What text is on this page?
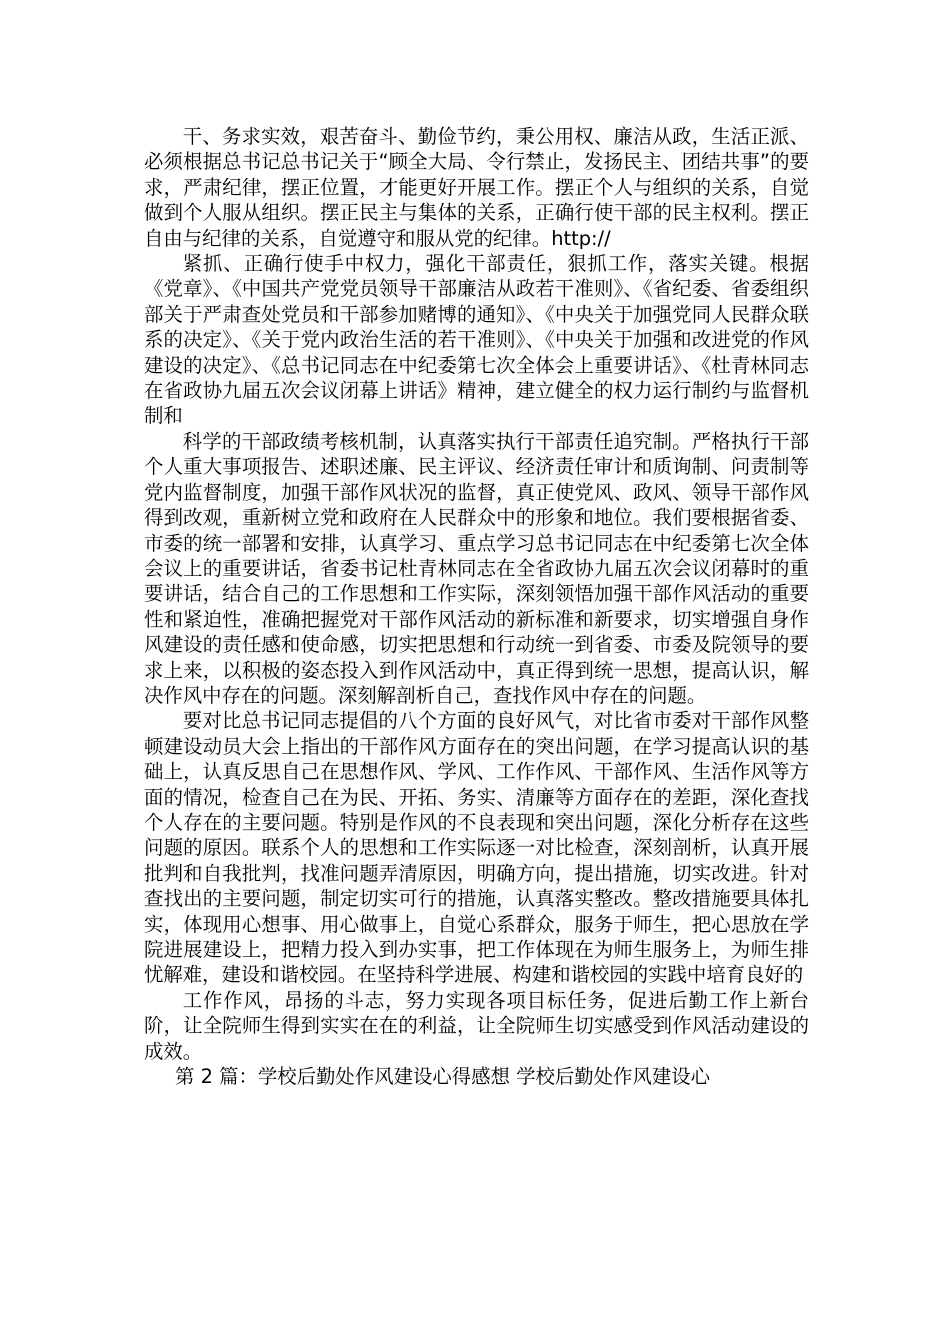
干、务求实效，艰苦奋斗、勤俭节约，秉公用权、廉洁从政，生活正派、必须根据总书记总书记关于“顾全大局、令行禁止，发扬民主、团结共事”的要求，严肃纪律，摆正位置，才能更好开展工作。摆正个人与组织的关系，自觉做到个人服从组织。摆正民主与集体的关系，正确行使干部的民主权利。摆正自由与纪律的关系，自觉遵守和服从党的纪律。http://

紧抓、正确行使手中权力，强化干部责任，狠抓工作，落实关键。根据《党章》、《中国共产党党员领导干部廉洁从政若干准则》、《省纪委、省委组织部关于严肃查处党员和干部参加赌博的通知》、《中央关于加强党同人民群众联系的决定》、《关于党内政治生活的若干准则》、《中央关于加强和改进党的作风建设的决定》、《总书记同志在中纪委第七次全体会上重要讲话》、《杜青林同志在省政协九届五次会议闭幕上讲话》精神，建立健全的权力运行制约与监督机制和

科学的干部政绩考核机制，认真落实执行干部责任追究制。严格执行干部个人重大事项报告、述职述廉、民主评议、经济责任审计和质询制、问责制等党内监督制度，加强干部作风状况的监督，真正使党风、政风、领导干部作风得到改观，重新树立党和政府在人民群众中的形象和地位。我们要根据省委、市委的统一部署和安排，认真学习、重点学习总书记同志在中纪委第七次全体会议上的重要讲话，省委书记杜青林同志在全省政协九届五次会议闭幕时的重要讲话，结合自己的工作思想和工作实际，深刻领悟加强干部作风活动的重要性和紧迫性，准确把握党对干部作风活动的新标准和新要求，切实增强自身作风建设的责任感和使命感，切实把思想和行动统一到省委、市委及院领导的要求上来，以积极的姿态投入到作风活动中，真正得到统一思想，提高认识，解决作风中存在的问题。深刻解剖析自己，查找作风中存在的问题。

要对比总书记同志提倡的八个方面的良好风气，对比省市委对干部作风整顿建设动员大会上指出的干部作风方面存在的突出问题，在学习提高认识的基础上，认真反思自己在思想作风、学风、工作作风、干部作风、生活作风等方面的情况，检查自己在为民、开拓、务实、清廉等方面存在的差距，深化查找个人存在的主要问题。特别是作风的不良表现和突出问题，深化分析存在这些问题的原因。联系个人的思想和工作实际逐一对比检查，深刻剖析，认真开展批判和自我批判，找准问题弄清原因，明确方向，提出措施，切实改进。针对查找出的主要问题，制定切实可行的措施，认真落实整改。整改措施要具体扎实，体现用心想事、用心做事上，自觉心系群众，服务于师生，把心思放在学院进展建设上，把精力投入到办实事，把工作体现在为师生服务上，为师生排忧解难，建设和谐校园。在坚持科学进展、构建和谐校园的实践中培育良好的

工作作风，昂扬的斗志，努力实现各项目标任务，促进后勤工作上新台阶，让全院师生得到实实在在的利益，让全院师生切实感受到作风活动建设的成效。

第 2 篇：学校后勤处作风建设心得感想 学校后勤处作风建设心
